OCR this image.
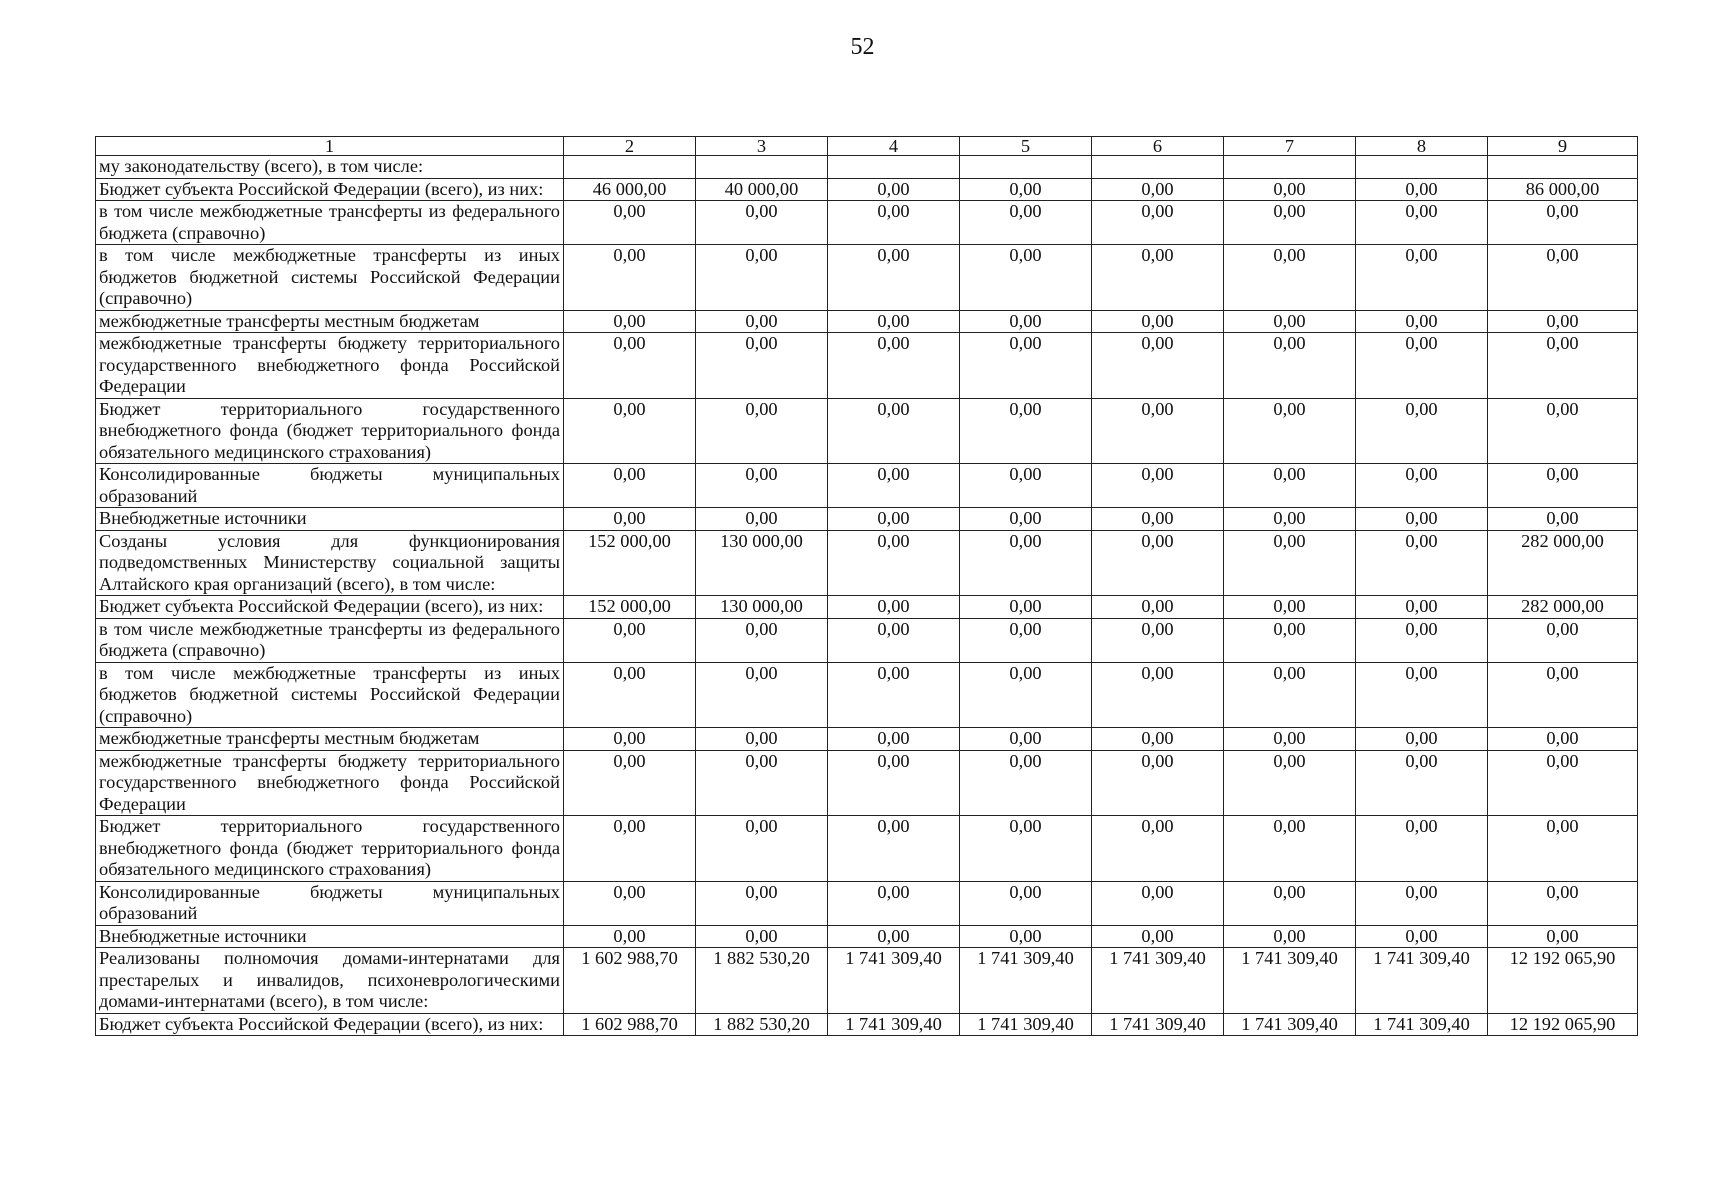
52
1	2	3	4	5	6	7	8	9
му законодательству (всего), в том числе:								
Бюджет субъекта Российской Федерации (всего), из них:	46 000,00	40 000,00	0,00	0,00	0,00	0,00	0,00	86 000,00
в том числе межбюджетные трансферты из федерального бюджета (справочно)	0,00	0,00	0,00	0,00	0,00	0,00	0,00	0,00
в том числе межбюджетные трансферты из иных бюджетов бюджетной системы Российской Федерации (справочно)	0,00	0,00	0,00	0,00	0,00	0,00	0,00	0,00
межбюджетные трансферты местным бюджетам	0,00	0,00	0,00	0,00	0,00	0,00	0,00	0,00
межбюджетные трансферты бюджету территориального государственного внебюджетного фонда Российской Федерации	0,00	0,00	0,00	0,00	0,00	0,00	0,00	0,00
Бюджет территориального государственного внебюджетного фонда (бюджет территориального фонда обязательного медицинского страхования)	0,00	0,00	0,00	0,00	0,00	0,00	0,00	0,00
Консолидированные бюджеты муниципальных образований	0,00	0,00	0,00	0,00	0,00	0,00	0,00	0,00
Внебюджетные источники	0,00	0,00	0,00	0,00	0,00	0,00	0,00	0,00
Созданы условия для функционирования подведомственных Министерству социальной защиты Алтайского края организаций (всего), в том числе:	152 000,00	130 000,00	0,00	0,00	0,00	0,00	0,00	282 000,00
Бюджет субъекта Российской Федерации (всего), из них:	152 000,00	130 000,00	0,00	0,00	0,00	0,00	0,00	282 000,00
в том числе межбюджетные трансферты из федерального бюджета (справочно)	0,00	0,00	0,00	0,00	0,00	0,00	0,00	0,00
в том числе межбюджетные трансферты из иных бюджетов бюджетной системы Российской Федерации (справочно)	0,00	0,00	0,00	0,00	0,00	0,00	0,00	0,00
межбюджетные трансферты местным бюджетам	0,00	0,00	0,00	0,00	0,00	0,00	0,00	0,00
межбюджетные трансферты бюджету территориального государственного внебюджетного фонда Российской Федерации	0,00	0,00	0,00	0,00	0,00	0,00	0,00	0,00
Бюджет территориального государственного внебюджетного фонда (бюджет территориального фонда обязательного медицинского страхования)	0,00	0,00	0,00	0,00	0,00	0,00	0,00	0,00
Консолидированные бюджеты муниципальных образований	0,00	0,00	0,00	0,00	0,00	0,00	0,00	0,00
Внебюджетные источники	0,00	0,00	0,00	0,00	0,00	0,00	0,00	0,00
Реализованы полномочия домами-интернатами для престарелых и инвалидов, психоневрологическими домами-интернатами (всего), в том числе:	1 602 988,70	1 882 530,20	1 741 309,40	1 741 309,40	1 741 309,40	1 741 309,40	1 741 309,40	12 192 065,90
Бюджет субъекта Российской Федерации (всего), из них:	1 602 988,70	1 882 530,20	1 741 309,40	1 741 309,40	1 741 309,40	1 741 309,40	1 741 309,40	12 192 065,90
